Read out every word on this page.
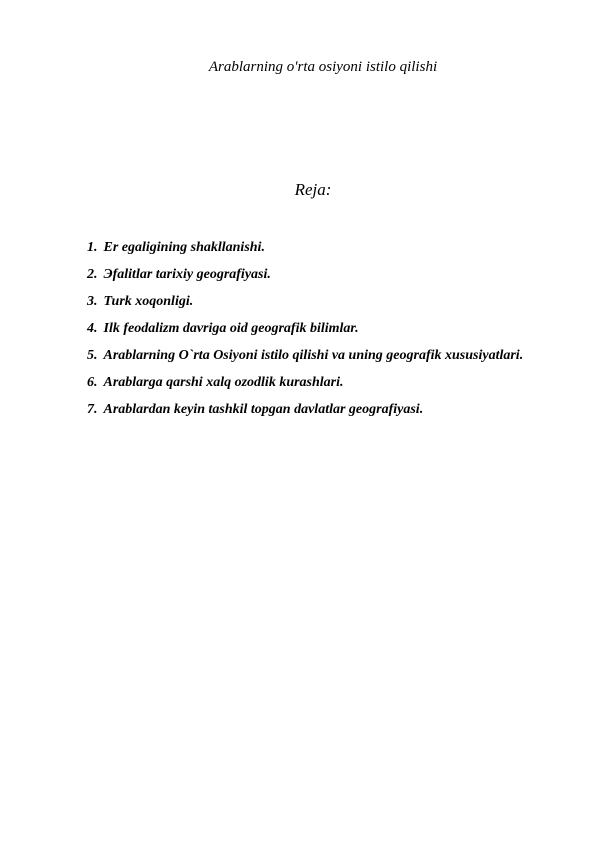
Arablarning o'rta osiyoni istilo qilishi
Reja:
1. Er egaligining shakllanishi.
2. Эfalitlar tarixiy geografiyasi.
3. Turk xoqonligi.
4. Ilk feodalizm davriga oid geografik bilimlar.
5. Arablarning O`rta Osiyoni istilo qilishi va uning geografik xususiyatlari.
6. Arablarga qarshi xalq ozodlik kurashlari.
7. Arablardan keyin tashkil topgan davlatlar geografiyasi.
